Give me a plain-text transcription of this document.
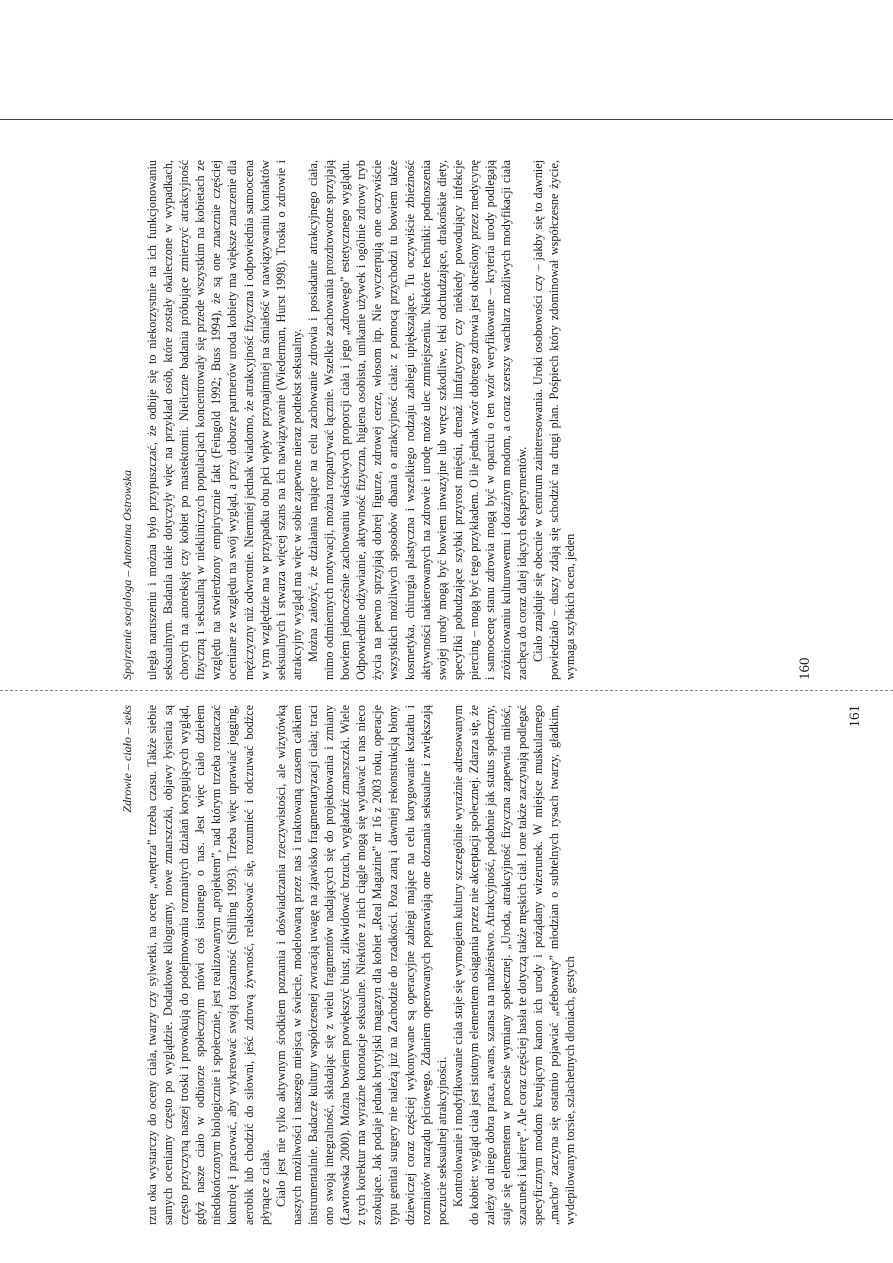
Spojrzenie socjologa – Antonina Ostrowska uległa naruszeniu i można było przypuszczać, że odbije się to niekorzystnie na ich funkcjonowaniu seksualnym. Badania takie dotyczyły więc na przykład osób, które zostały okaleczone w wypadkach, chorych na anoreksję czy kobiet po mastektomii. Nieliczne badania próbujące zmierzyć atrakcyjność fizyczną i seksualną w niekliniczych populacjach koncentrowały się przede wszystkim na kobietach ze względu na stwierdzony empirycznie fakt (Feingold 1992; Buss 1994), że są one znacznie częściej oceniane ze względu na swój wygląd, a przy doborze partnerów uroda kobiety ma większe znaczenie dla mężczyzny niż odwrotnie. Niemniej jednak wiadomo, że atrakcyjność fizyczna i odpowiednia samoocena w tym względzie ma w przypadku obu płci wpływ przynajmniej na śmiałość w nawiązywaniu kontaktów seksualnych i stwarza więcej szans na ich nawiązywanie (Wiederman, Hurst 1998). Troska o zdrowie i atrakcyjny wygląd ma więc w sobie zapewne nieraz podtekst seksualny. Można założyć, że działania mające na celu zachowanie zdrowia i posiadanie atrakcyjnego ciała, mimo odmiennych motywacji, można rozpatrywać łącznie. Wszelkie zachowania prozdrowotne sprzyjają bowiem jednocześnie zachowaniu właściwych proporcji ciała i jego „zdrowego” estetycznego wyglądu. Odpowiednie odżywianie, aktywność fizyczna, higiena osobista, unikanie używek i ogólnie zdrowy tryb życia na pewno sprzyjają dobrej figurze, zdrowej cerze, włosom itp. Nie wyczerpują one oczywiście wszystkich możliwych sposobów dbania o atrakcyjność ciała: z pomocą przychodzi tu bowiem także kosmetyka, chirurgia plastyczna i wszelkiego rodzaju zabiegi upiększające. Tu oczywiście zbieżność aktywności nakierowanych na zdrowie i urodę może ulec zmniejszeniu. Niektóre techniki: podnoszenia swojej urody mogą być bowiem inwazyjne lub wręcz szkodliwe, leki odchudzające, drakońskie diety, specyfiki pobudzające szybki przyrost mięśni, drenaż limfatyczny czy niekiedy powodujący infekcje piercing – mogą być tego przykładem. O ile jednak wzór dobrego zdrowia jest określony przez medycynę i samoocenę stanu zdrowia mogą być w oparciu o ten wzór weryfikowane – kryteria urody podlegają zróżnicowaniu kulturowemu i doraźnym modom, a coraz szerszy wachlarz możliwych modyfikacji ciała zachęca do coraz dalej idących eksperymentów. Ciało znajduje się obecnie w centrum zainteresowania. Uroki osobowości czy – jakby się to dawniej powiedziało – duszy zdają się schodzić na drugi plan. Pośpiech który zdominował współczesne życie, wymaga szybkich ocen, jeden	160
Zdrowie – ciało – seks rzut oka wystarczy do oceny ciała, twarzy czy sylwetki, na ocenę „wnętrza” trzeba czasu. Także siebie samych oceniamy często po wyglądzie. Dodatkowe kilogramy, nowe zmarszczki, objawy łysienia są często przyczyną naszej troski i prowokują do podejmowania rozmaitych działań korygujących wygląd, gdyż nasze ciało w odbiorze społecznym mówi coś istotnego o nas. Jest więc ciało dziełem niedokończonym biologicznie i społecznie, jest realizowanym „projektem”, nad którym trzeba roztaczać kontrolę i pracować, aby wykreować swoją tożsamość (Shilling 1993). Trzeba więc uprawiać jogging, aerobik lub chodzić do siłowni, jeść zdrową żywność, relaksować się, rozumieć i odczuwać bodźce płynące z ciała. Ciało jest nie tylko aktywnym środkiem poznania i doświadczania rzeczywistości, ale wizytówką naszych możliwości i naszego miejsca w świecie, modelowaną przez nas i traktowaną czasem całkiem instrumentalnie. Badacze kultury współczesnej zwracają uwagę na zjawisko fragmentaryzacji ciała; traci ono swoją integralność, składając się z wielu fragmentów nadających się do projektowania i zmiany (Ławtowska 2000). Można bowiem powiększyć biust, zlikwidować brzuch, wygładzić zmarszczki. Wiele z tych korektur ma wyraźne konotacje seksualne. Niektóre z nich ciągle mogą się wydawać u nas nieco szokujące. Jak podaje jednak brytyjski magazyn dla kobiet „Real Magazine” nr 16 z 2003 roku, operacje typu genital surgery nie należą już na Zachodzie do rzadkości. Poza zaną i dawniej rekonstrukcją błony dziewiczej coraz częściej wykonywane są operacyjne zabiegi mające na celu korygowanie kształtu i rozmiarów narządu płciowego. Zdaniem operowanych poprawiają one doznania seksualne i zwiększają poczucie seksualnej atrakcyjności. Kontrolowanie i modyfikowanie ciała staje się wymogiem kultury szczególnie wyraźnie adresowanym do kobiet: wygląd ciała jest istotnym elementem osiągania przez nie akceptacji społecznej. Zdarza się, że zależy od niego dobra praca, awans, szansa na małżeństwo. Atrakcyjność, podobnie jak status społeczny, staje się elementem w procesie wymiany społecznej. „Uroda, atrakcyjność fizyczna zapewnia miłość, szacunek i karierę”. Ale coraz częściej hasła te dotyczą także męskich ciał. I one także zaczynają podlegać specyficznym modom kreującym kanon ich urody i pożądany wizerunek. W miejsce muskularnego „macho” zaczyna się ostatnio pojawiać „efebowaty” młodzian o subtelnych rysach twarzy, gładkim, wydepilowanym torsie, szlachetnych dłoniach, gestych

161
